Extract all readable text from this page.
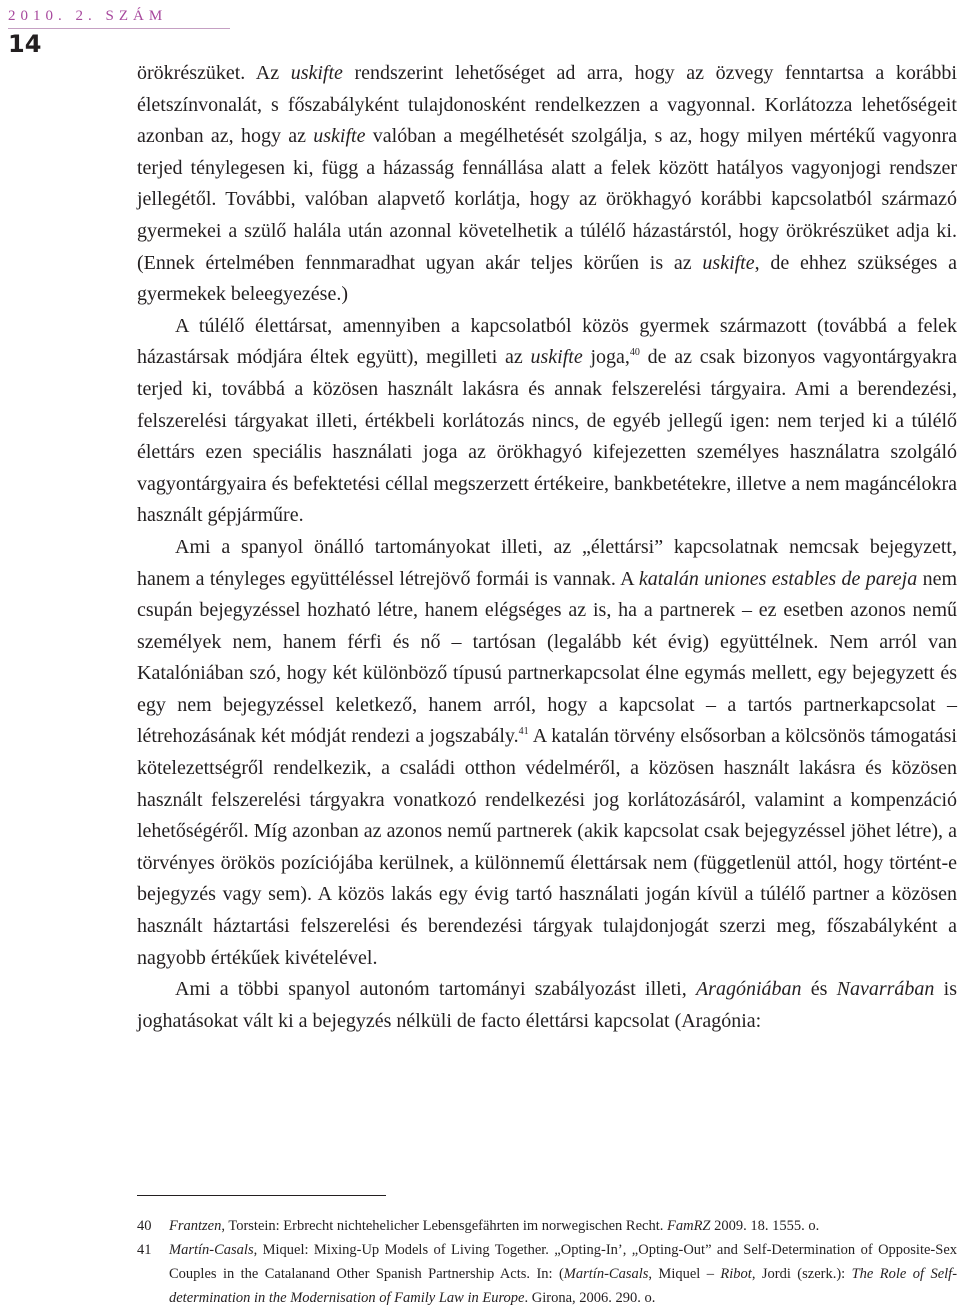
2010. 2. SZÁM
14

örökrészüket. Az uskifte rendszerint lehetőséget ad arra, hogy az özvegy fenntartsa a korábbi életszínvonalát, s főszabályként tulajdonosként rendelkezzen a vagyonnal. Korlátozza lehetőségeit azonban az, hogy az uskifte valóban a megélhetését szolgálja, s az, hogy milyen mértékű vagyonra terjed ténylegesen ki, függ a házasság fennállása alatt a felek között hatályos vagyonjogi rendszer jellegétől. További, valóban alapvető korlátja, hogy az örökhagyó korábbi kapcsolatból származó gyermekei a szülő halála után azonnal követelhetik a túlélő házastárstól, hogy örökrészüket adja ki. (Ennek értelmében fennmaradhat ugyan akár teljes körűen is az uskifte, de ehhez szükséges a gyermekek beleegyezése.)

A túlélő élettársat, amennyiben a kapcsolatból közös gyermek származott (továbbá a felek házastársak módjára éltek együtt), megilleti az uskifte joga,$^{40}$ de az csak bizonyos vagyontárgyakra terjed ki, továbbá a közösen használt lakásra és annak felszerelési tárgyaira. Ami a berendezési, felszerelési tárgyakat illeti, értékbeli korlátozás nincs, de egyéb jellegű igen: nem terjed ki a túlélő élettárs ezen speciális használati joga az örökhagyó kifejezetten személyes használatra szolgáló vagyontárgyaira és befektetési céllal megszerzett értékeire, bankbetétekre, illetve a nem magáncélokra használt gépjárműre.

Ami a spanyol önálló tartományokat illeti, az „élettársi” kapcsolatnak nemcsak bejegyzett, hanem a tényleges együttéléssel létrejövő formái is vannak. A katalán uniones estables de pareja nem csupán bejegyzéssel hozható létre, hanem elégséges az is, ha a partnerek – ez esetben azonos nemű személyek nem, hanem férfi és nő – tartósan (legalább két évig) együttélnek. Nem arról van Katalóniában szó, hogy két különböző típusú partnerkapcsolat élne egymás mellett, egy bejegyzett és egy nem bejegyzéssel keletkező, hanem arról, hogy a kapcsolat – a tartós partnerkapcsolat – létrehozásának két módját rendezi a jogszabály.$^{41}$ A katalán törvény elsősorban a kölcsönös támogatási kötelezettségről rendelkezik, a családi otthon védelméről, a közösen használt lakásra és közösen használt felszerelési tárgyakra vonatkozó rendelkezési jog korlátozásáról, valamint a kompenzáció lehetőségéről. Míg azonban az azonos nemű partnerek (akik kapcsolat csak bejegyzéssel jöhet létre), a törvényes örökös pozíciójába kerülnek, a különnemű élettársak nem (függetlenül attól, hogy történt-e bejegyzés vagy sem). A közös lakás egy évig tartó használati jogán kívül a túlélő partner a közösen használt háztartási felszerelési és berendezési tárgyak tulajdonjogát szerzi meg, főszabályként a nagyobb értékűek kivételével.

Ami a többi spanyol autonóm tartományi szabályozást illeti, Aragóniában és Navarrában is joghatásokat vált ki a bejegyzés nélküli de facto élettársi kapcsolat (Aragónia:

40 Frantzen, Torstein: Erbrecht nichtehelicher Lebensgefährten im norwegischen Recht. FamRZ 2009. 18. 1555. o.
41 Martín-Casals, Miquel: Mixing-Up Models of Living Together. „Opting-In’, „Opting-Out” and Self-Determination of Opposite-Sex Couples in the Catalanand Other Spanish Partnership Acts. In: (Martín-Casals, Miquel – Ribot, Jordi (szerk.): The Role of Self-determination in the Modernisation of Family Law in Europe. Girona, 2006. 290. o.
